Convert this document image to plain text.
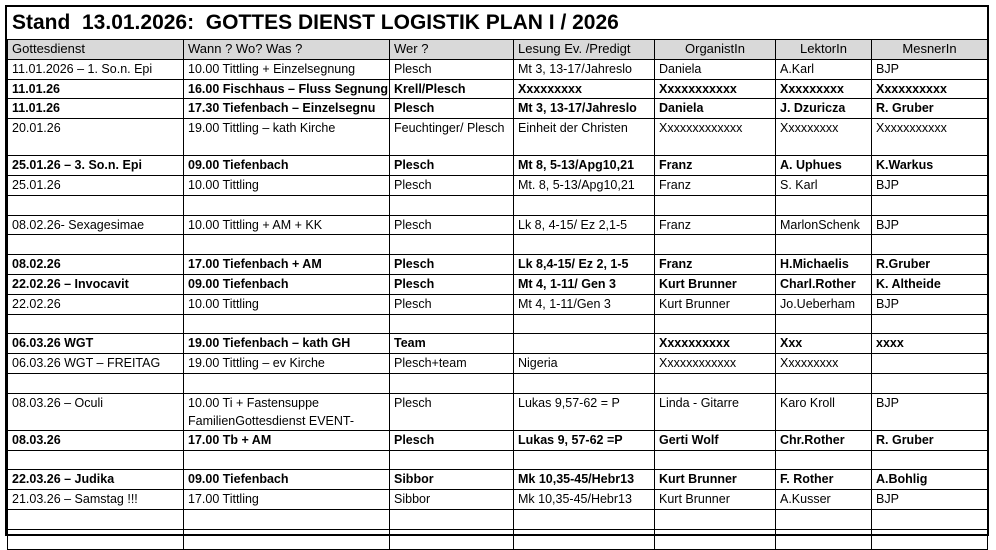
Stand  13.01.2026:  GOTTES DIENST LOGISTIK PLAN I / 2026
Gottesdienst	Wann ? Wo? Was ?	Wer ?	Lesung Ev. /Predigt	OrganistIn	LektorIn	MesnerIn
11.01.2026 – 1. So.n. Epi	10.00 Tittling + Einzelsegnung	Plesch	Mt 3, 13-17/Jahreslo	Daniela	A.Karl	BJP
11.01.26	16.00 Fischhaus – Fluss Segnung	Krell/Plesch	Xxxxxxxxx	Xxxxxxxxxxx	Xxxxxxxxx	Xxxxxxxxxx
11.01.26	17.30 Tiefenbach – Einzelsegnu	Plesch	Mt 3, 13-17/Jahreslo	Daniela	J. Dzuricza	R. Gruber
20.01.26	19.00 Tittling – kath Kirche	Feuchtinger/ Plesch	Einheit der Christen	Xxxxxxxxxxxxx	Xxxxxxxxx	Xxxxxxxxxxx
25.01.26 – 3. So.n. Epi	09.00 Tiefenbach	Plesch	Mt 8, 5-13/Apg10,21	Franz	A. Uphues	K.Warkus
25.01.26	10.00 Tittling	Plesch	Mt. 8, 5-13/Apg10,21	Franz	S. Karl	BJP

08.02.26- Sexagesimae	10.00 Tittling + AM + KK	Plesch	Lk 8, 4-15/ Ez 2,1-5	Franz	MarlonSchenk	BJP

08.02.26	17.00 Tiefenbach + AM	Plesch	Lk 8,4-15/ Ez 2, 1-5	Franz	H.Michaelis	R.Gruber
22.02.26 – Invocavit	09.00 Tiefenbach	Plesch	Mt 4, 1-11/ Gen 3	Kurt Brunner	Charl.Rother	K. Altheide
22.02.26	10.00 Tittling	Plesch	Mt 4, 1-11/Gen 3	Kurt Brunner	Jo.Ueberham	BJP

06.03.26 WGT	19.00 Tiefenbach – kath GH	Team		Xxxxxxxxxx	Xxx	xxxx
06.03.26 WGT – FREITAG	19.00 Tittling – ev Kirche	Plesch+team	Nigeria	Xxxxxxxxxxxx	Xxxxxxxxx	

08.03.26 – Oculi	10.00 Ti + Fastensuppe FamilienGottesdienst EVENT-	Plesch	Lukas 9,57-62 = P	Linda - Gitarre	Karo Kroll	BJP
08.03.26	17.00 Tb + AM	Plesch	Lukas 9, 57-62 =P	Gerti Wolf	Chr.Rother	R. Gruber

22.03.26 – Judika	09.00 Tiefenbach	Sibbor	Mk 10,35-45/Hebr13	Kurt Brunner	F. Rother	A.Bohlig
21.03.26 – Samstag !!!	17.00 Tittling	Sibbor	Mk 10,35-45/Hebr13	Kurt Brunner	A.Kusser	BJP
